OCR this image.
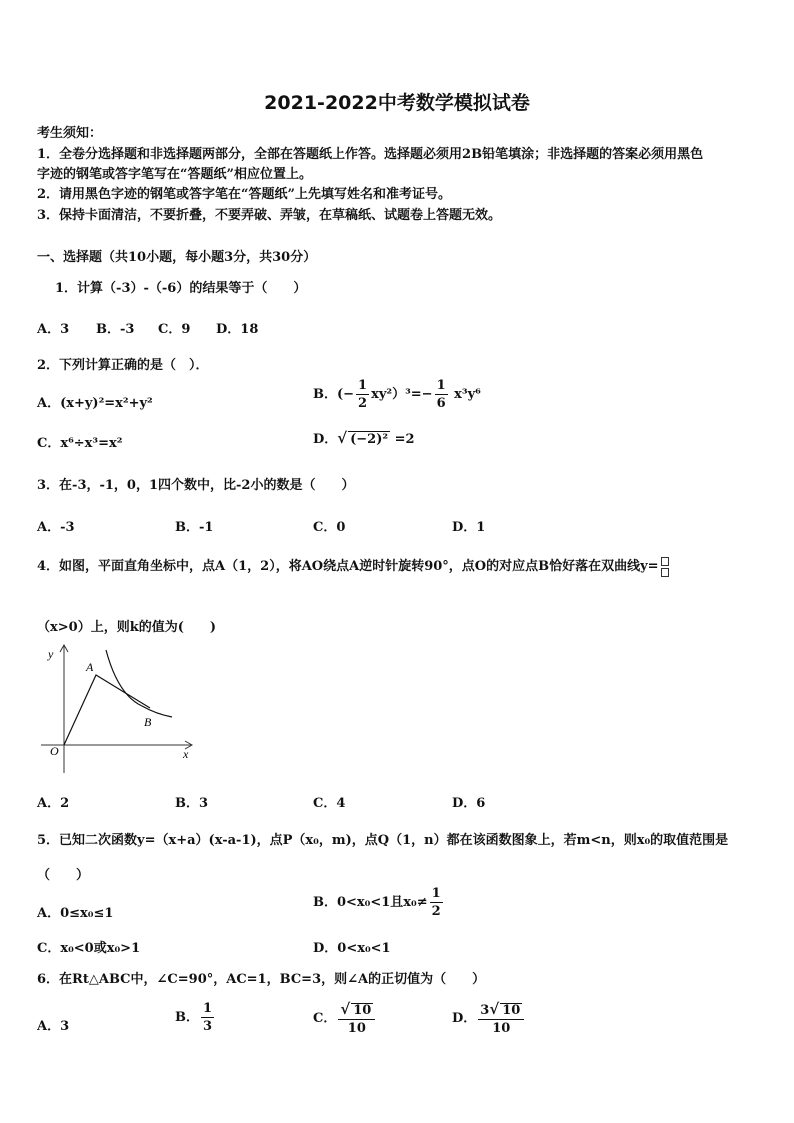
2021-2022中考数学模拟试卷
考生须知：
1．全卷分选择题和非选择题两部分，全部在答题纸上作答。选择题必须用2B铅笔填涂；非选择题的答案必须用黑色
字迹的钢笔或答字笔写在“答题纸”相应位置上。
2．请用黑色字迹的钢笔或答字笔在“答题纸”上先填写姓名和准考证号。
3．保持卡面清洁，不要折叠，不要弄破、弄皱，在草稿纸、试题卷上答题无效。
一、选择题（共10小题，每小题3分，共30分）
1．计算（-3）-（-6）的结果等于（　　）
A．3 B．-3 C．9 D．18
2．下列计算正确的是（　）．
A．(x+y)²=x²+y²
B．(− $\frac{1}{2} xy^2)^3=- \frac{1}{6} x^3y^6$
C．x⁶÷x³=x²	D．√ (−2)² =2
3．在-3，-1，0，1四个数中，比-2小的数是（　　）
A．-3	B．-1	C．0	D．1
4．如图，平面直角坐标中，点A（1，2），将AO绕点A逆时针旋转90°，点O的对应点B恰好落在双曲线y=
（x>0）上，则k的值为(　　)
y
x
O
A
B
A．2	B．3	C．4	D．6
5．已知二次函数y=（x+a）(x-a-1)，点P（x₀，m)，点Q（1，n）都在该函数图象上，若m<n，则x₀的取值范围是
（　　）
A．0≤x₀≤1
B．0<x₀<1且$x_0\ne \frac{1}{2}$
C．x₀<0或x₀>1	D．0<x₀<1
6．在Rt△ABC中，∠C=90°，AC=1，BC=3，则∠A的正切值为（　　）
A．3
B． $\frac{1}{3}$	C． $\frac{√ 10}{10}$	D． $\frac{3√ 10}{10}$
